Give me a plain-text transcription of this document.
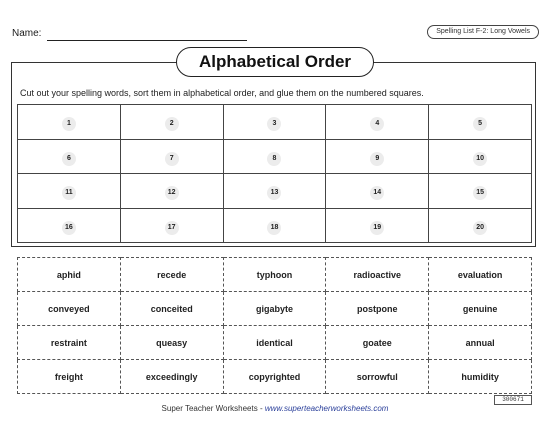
Name:	Spelling List F-2: Long Vowels
Alphabetical Order
Cut out your spelling words, sort them in alphabetical order, and glue them on the numbered squares.
1	2	3	4	5
6	7	8	9	10
11	12	13	14	15
16	17	18	19	20
aphid	recede	typhoon	radioactive	evaluation
conveyed	conceited	gigabyte	postpone	genuine
restraint	queasy	identical	goatee	annual
freight	exceedingly	copyrighted	sorrowful	humidity
300671
Super Teacher Worksheets - www.superteacherworksheets.com
